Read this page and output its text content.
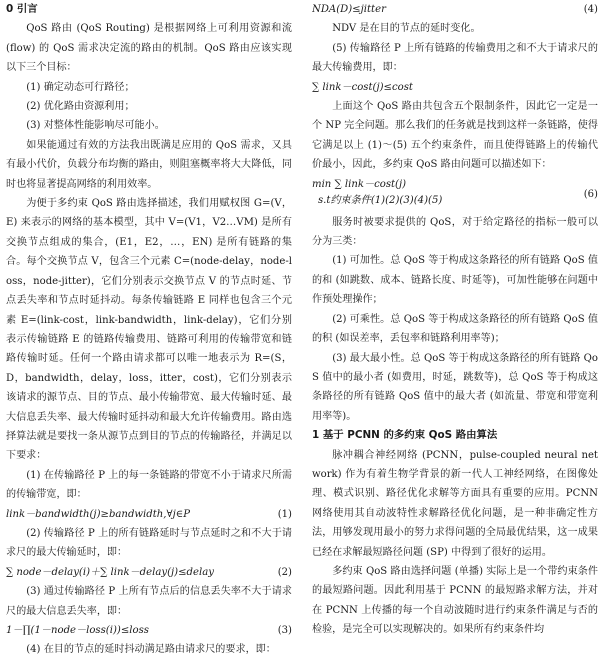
0 引言

QoS 路由 (QoS Routing) 是根据网络上可利用资源和流 (flow) 的 QoS 需求决定流的路由的机制。QoS 路由应该实现以下三个目标：

(1) 确定动态可行路径；

(2) 优化路由资源利用；

(3) 对整体性能影响尽可能小。

如果能通过有效的方法我出既满足应用的 QoS 需求，又具有最小代价，负载分布均衡的路由，则阻塞概率将大大降低，同时也将显著提高网络的利用效率。

为便于多约束 QoS 路由选择描述，我们用赋权图 G=(V，E) 来表示的网络的基本模型，其中 V=(V1，V2…VM) 是所有交换节点组成的集合，(E1，E2，…，EN) 是所有链路的集合。每个交换节点 V，包含三个元素 C=(node-delay，node-loss，node-jitter)，它们分别表示交换节点 V 的节点时延、节点丢失率和节点时延抖动。每条传输链路 E 同样也包含三个元素 E=(link-cost，link-bandwidth，link-delay)，它们分别表示传输链路 E 的链路传输费用、链路可利用的传输带宽和链路传输时延。任何一个路由请求都可以唯一地表示为 R=(S，D，bandwidth，delay，loss，itter，cost)，它们分别表示该请求的源节点、目的节点、最小传输带宽、最大传输时延、最大信息丢失率、最大传输时延抖动和最大允许传输费用。路由选择算法就是要找一条从源节点到目的节点的传输路径，并满足以下要求：

(1) 在传输路径 P 上的每一条链路的带宽不小于请求尺所需的传输带宽，即：

link－bandwidth(j)≥bandwidth,∀j∈P	(1)

(2) 传输路径 P 上的所有链路延时与节点延时之和不大于请求尺的最大传输延时，即：

∑ node－delay(i)＋∑ link－delay(j)≤delay	(2)

(3) 通过传输路径 P 上所有节点后的信息丢失率不大于请求尺的最大信息丢失率，即：

1－∏(1－node－loss(i))≤loss	(3)

(4) 在目的节点的延时抖动满足路由请求尺的要求，即：

NDA(D)≤jitter	(4)

NDV 是在目的节点的延时变化。

(5) 传输路径 P 上所有链路的传输费用之和不大于请求尺的最大传输费用，即：

∑ link－cost(j)≤cost

上面这个 QoS 路由共包含五个限制条件，因此它一定是一个 NP 完全问题。那么我们的任务就是找到这样一条链路，使得它满足以上 (1)～(5) 五个约束条件，而且使得链路上的传输代价最小，因此，多约束 QoS 路由问题可以描述如下：

min ∑ link－cost(j)
s.t约束条件(1)(2)(3)(4)(5)
(6)

服务时被要求提供的 QoS，对于给定路径的指标一般可以分为三类：

(1) 可加性。总 QoS 等于构成这条路径的所有链路 QoS 值的和 (如跳数、成本、链路长度、时延等)，可加性能够在问题中作预处理操作；

(2) 可乘性。总 QoS 等于构成这条路径的所有链路 QoS 值的积 (如误差率，丢包率和链路利用率等)；

(3) 最大最小性。总 QoS 等于构成这条路径的所有链路 QoS 值中的最小者 (如费用，时延，跳数等)，总 QoS 等于构成这条路径的所有链路 QoS 值中的最大者 (如流量、带宽和带宽利用率等)。

1 基于 PCNN 的多约束 QoS 路由算法

脉冲耦合神经网络 (PCNN，pulse-coupled neural network) 作为有着生物学背景的新一代人工神经网络，在图像处理、模式识别、路径优化求解等方面具有重要的应用。PCNN 网络使用其自动波特性求解路径优化问题，是一种非确定性方法，用够发现用最小的努力求得问题的全局最优结果，这一成果已经在求解最短路径问题 (SP) 中得到了很好的运用。

多约束 QoS 路由选择问题 (单播) 实际上是一个带约束条件的最短路问题。因此利用基于 PCNN 的最短路求解方法，并对在 PCNN 上传播的每一个自动波随时进行约束条件满足与否的检验，是完全可以实现解决的。如果所有约束条件均
